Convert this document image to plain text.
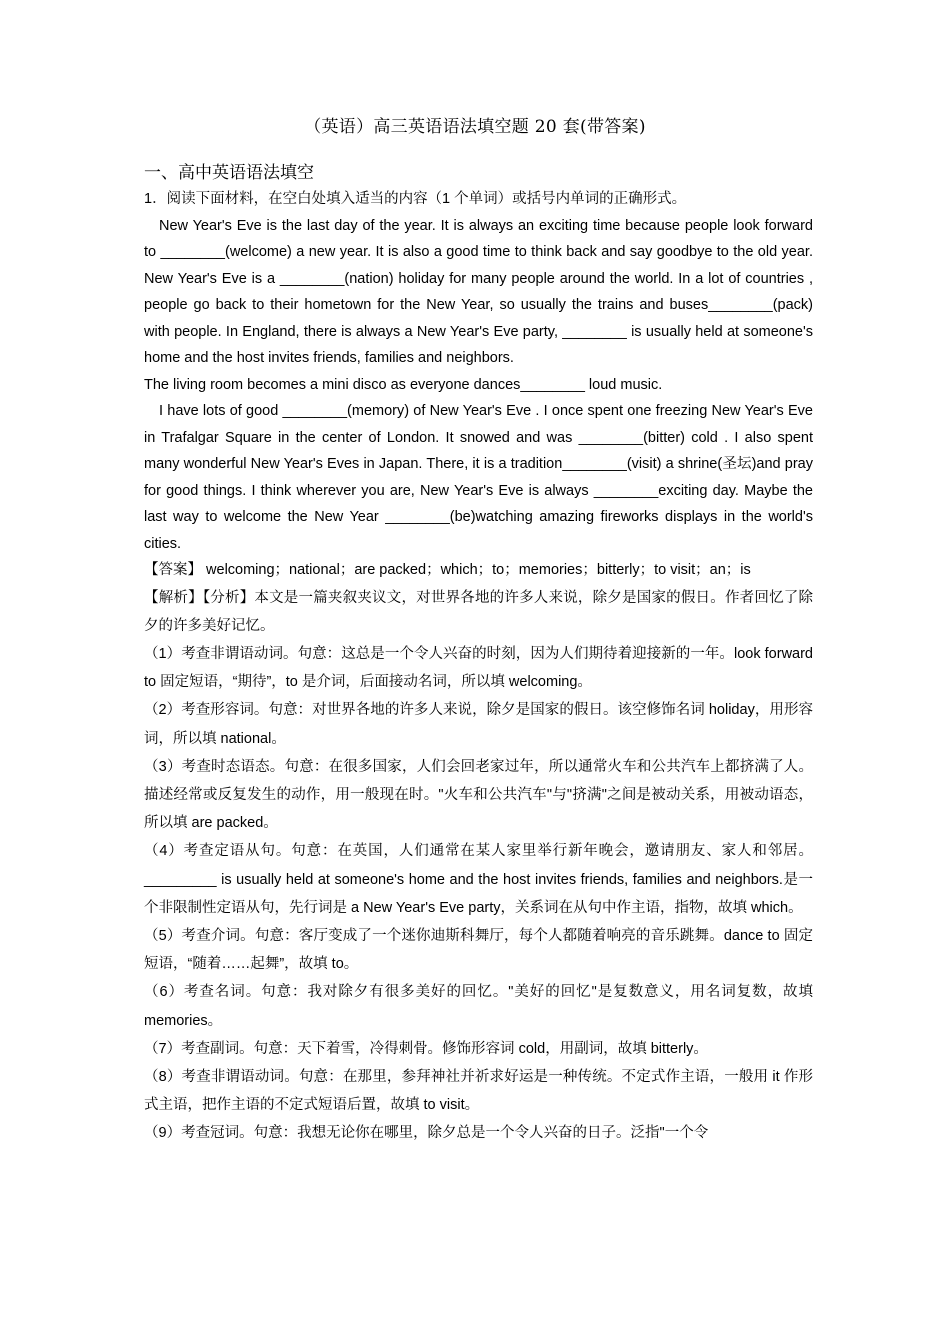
（英语）高三英语语法填空题 20 套(带答案)
一、高中英语语法填空

1．阅读下面材料，在空白处填入适当的内容（1 个单词）或括号内单词的正确形式。

New Year's Eve is the last day of the year. It is always an exciting time because people look forward to ________(welcome) a new year. It is also a good time to think back and say goodbye to the old year. New Year's Eve is a ________(nation) holiday for many people around the world. In a lot of countries , people go back to their hometown for the New Year, so usually the trains and buses________(pack) with people. In England, there is always a New Year's Eve party, ________ is usually held at someone's home and the host invites friends, families and neighbors.

The living room becomes a mini disco as everyone dances________ loud music.

I have lots of good ________(memory) of New Year's Eve . I once spent one freezing New Year's Eve in Trafalgar Square in the center of London. It snowed and was ________(bitter) cold . I also spent many wonderful New Year's Eves in Japan. There, it is a tradition________(visit) a shrine(圣坛)and pray for good things. I think wherever you are, New Year's Eve is always ________exciting day. Maybe the last way to welcome the New Year ________(be)watching amazing fireworks displays in the world's cities.

【答案】 welcoming；national；are packed；which；to；memories；bitterly；to visit；an；is

【解析】【分析】本文是一篇夹叙夹议文，对世界各地的许多人来说，除夕是国家的假日。作者回忆了除夕的许多美好记忆。

（1）考查非谓语动词。句意：这总是一个令人兴奋的时刻，因为人们期待着迎接新的一年。look forward to 固定短语，“期待”，to 是介词，后面接动名词，所以填 welcoming。

（2）考查形容词。句意：对世界各地的许多人来说，除夕是国家的假日。该空修饰名词 holiday，用形容词，所以填 national。

（3）考查时态语态。句意：在很多国家，人们会回老家过年，所以通常火车和公共汽车上都挤满了人。描述经常或反复发生的动作，用一般现在时。"火车和公共汽车"与"挤满"之间是被动关系，用被动语态，所以填 are packed。

（4）考查定语从句。句意：在英国，人们通常在某人家里举行新年晚会，邀请朋友、家人和邻居。_________ is usually held at someone's home and the host invites friends, families and neighbors.是一个非限制性定语从句，先行词是 a New Year's Eve party，关系词在从句中作主语，指物，故填 which。

（5）考查介词。句意：客厅变成了一个迷你迪斯科舞厅，每个人都随着响亮的音乐跳舞。dance to 固定短语，“随着……起舞”，故填 to。

（6）考查名词。句意：我对除夕有很多美好的回忆。"美好的回忆"是复数意义，用名词复数，故填 memories。

（7）考查副词。句意：天下着雪，冷得刺骨。修饰形容词 cold，用副词，故填 bitterly。

（8）考查非谓语动词。句意：在那里，参拜神社并祈求好运是一种传统。不定式作主语，一般用 it 作形式主语，把作主语的不定式短语后置，故填 to visit。

（9）考查冠词。句意：我想无论你在哪里，除夕总是一个令人兴奋的日子。泛指"一个令
